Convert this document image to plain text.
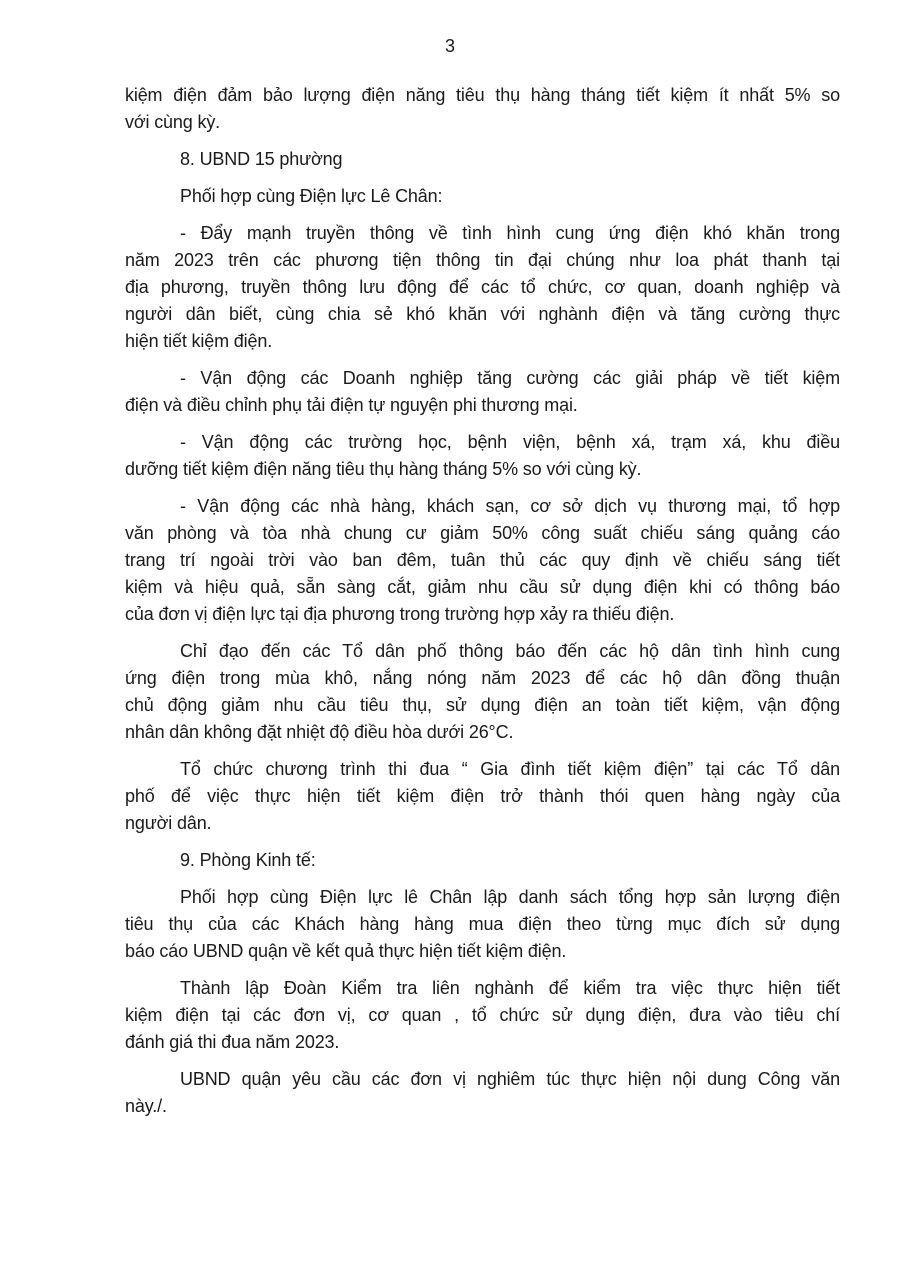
3
kiệm điện đảm bảo lượng điện năng tiêu thụ hàng tháng tiết kiệm ít nhất 5% so
với cùng kỳ.
8. UBND 15 phường
Phối hợp cùng Điện lực Lê Chân:
- Đẩy mạnh truyền thông về tình hình cung ứng điện khó khăn trong
năm 2023 trên các phương tiện thông tin đại chúng như loa phát thanh tại
địa phương, truyền thông lưu động để các tổ chức, cơ quan, doanh nghiệp và
người dân biết, cùng chia sẻ khó khăn với nghành điện và tăng cường thực
hiện tiết kiệm điện.
- Vận động các Doanh nghiệp tăng cường các giải pháp về tiết kiệm
điện và điều chỉnh phụ tải điện tự nguyện phi thương mại.
- Vận động các trường học, bệnh viện, bệnh xá, trạm xá, khu điều
dưỡng tiết kiệm điện năng tiêu thụ hàng tháng 5% so với cùng kỳ.
- Vận động các nhà hàng, khách sạn, cơ sở dịch vụ thương mại, tổ hợp
văn phòng và tòa nhà chung cư giảm 50% công suất chiếu sáng quảng cáo
trang trí ngoài trời vào ban đêm, tuân thủ các quy định về chiếu sáng tiết
kiệm và hiệu quả, sẵn sàng cắt, giảm nhu cầu sử dụng điện khi có thông báo
của đơn vị điện lực tại địa phương trong trường hợp xảy ra thiếu điện.
Chỉ đạo đến các Tổ dân phố thông báo đến các hộ dân tình hình cung
ứng điện trong mùa khô, nắng nóng năm 2023 để các hộ dân đồng thuận
chủ động giảm nhu cầu tiêu thụ, sử dụng điện an toàn tiết kiệm, vận động
nhân dân không đặt nhiệt độ điều hòa dưới 26°C.
Tổ chức chương trình thi đua “ Gia đình tiết kiệm điện” tại các Tổ dân
phố để việc thực hiện tiết kiệm điện trở thành thói quen hàng ngày của
người dân.
9. Phòng Kinh tế:
Phối hợp cùng Điện lực lê Chân lập danh sách tổng hợp sản lượng điện
tiêu thụ của các Khách hàng hàng mua điện theo từng mục đích sử dụng
báo cáo UBND quận về kết quả thực hiện tiết kiệm điện.
Thành lập Đoàn Kiểm tra liên nghành để kiểm tra việc thực hiện tiết
kiệm điện tại các đơn vị, cơ quan , tổ chức sử dụng điện, đưa vào tiêu chí
đánh giá thi đua năm 2023.
UBND quận yêu cầu các đơn vị nghiêm túc thực hiện nội dung Công văn
này./.
